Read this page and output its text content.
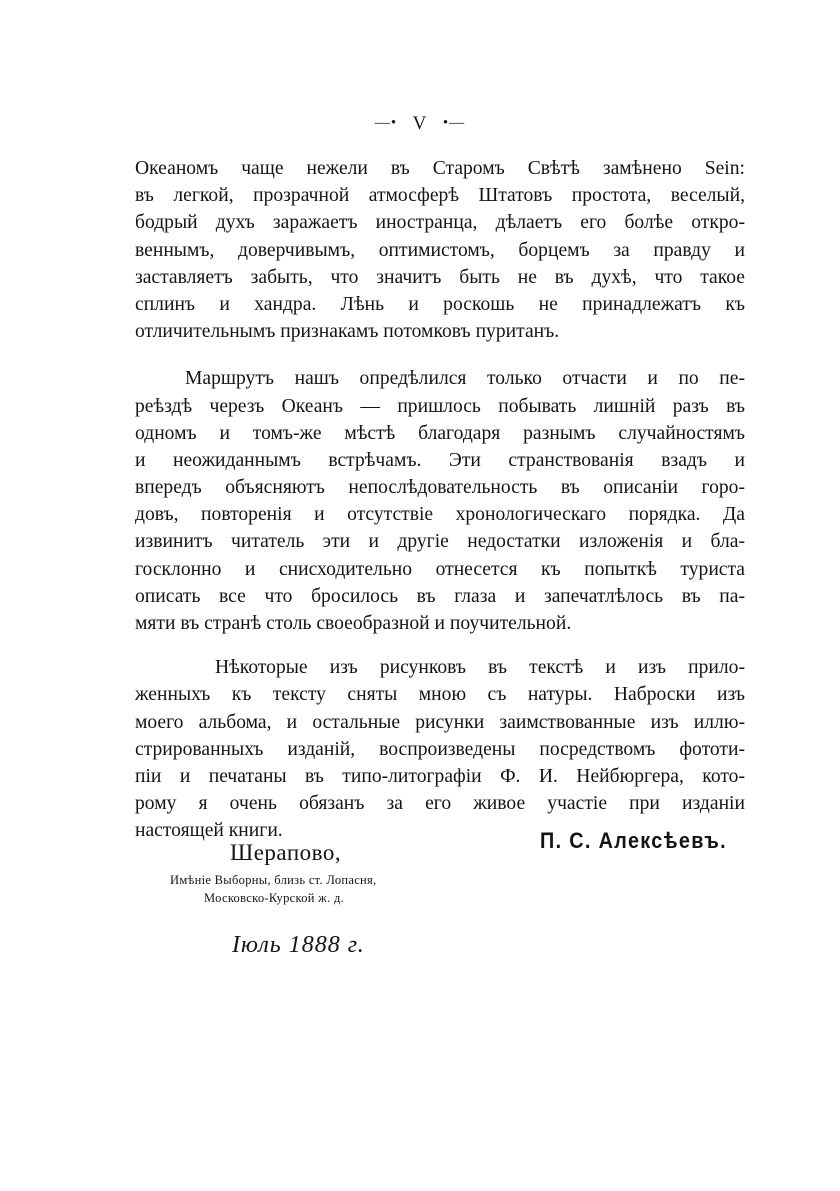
—• V •—
Океаномъ чаще нежели въ Старомъ Свѣтѣ замѣнено Sein:
въ легкой, прозрачной атмосферѣ Штатовъ простота, веселый,
бодрый духъ заражаетъ иностранца, дѣлаетъ его болѣе откро-
веннымъ, доверчивымъ, оптимистомъ, борцемъ за правду и
заставляетъ забыть, что значитъ быть не въ духѣ, что такое
сплинъ и хандра. Лѣнь и роскошь не принадлежатъ къ
отличительнымъ признакамъ потомковъ пуританъ.
Маршрутъ нашъ опредѣлился только отчасти и по пе-
реѣздѣ черезъ Океанъ — пришлось побывать лишній разъ въ
одномъ и томъ-же мѣстѣ благодаря разнымъ случайностямъ
и неожиданнымъ встрѣчамъ. Эти странствованія взадъ и
впередъ объясняютъ непослѣдовательность въ описаніи горо-
довъ, повторенія и отсутствіе хронологическаго порядка. Да
извинитъ читатель эти и другіе недостатки изложенія и бла-
госклонно и снисходительно отнесется къ попыткѣ туриста
описать все что бросилось въ глаза и запечатлѣлось въ па-
мяти въ странѣ столь своеобразной и поучительной.
Нѣкоторые изъ рисунковъ въ текстѣ и изъ прило-
женныхъ къ тексту сняты мною съ натуры. Наброски изъ
моего альбома, и остальные рисунки заимствованные изъ иллю-
стрированныхъ изданій, воспроизведены посредствомъ фототи-
піи и печатаны въ типо-литографіи Ф. И. Нейбюргера, кото-
рому я очень обязанъ за его живое участіе при изданіи
настоящей книги.
Шерапово,
Имѣніе Выборны, близь ст. Лопасня,
Московско-Курской ж. д.
Іюль 1888 г.
П. С. Алексѣевъ.
